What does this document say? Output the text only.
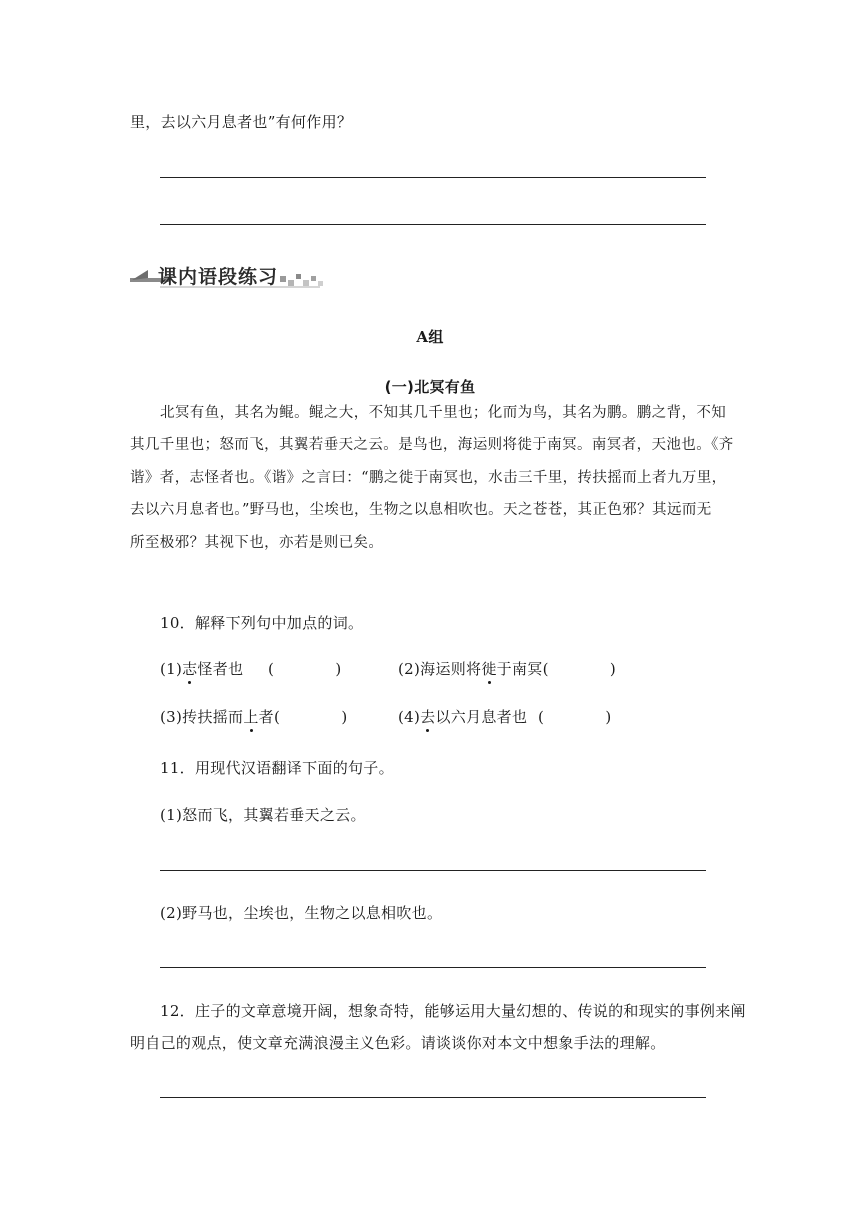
里，去以六月息者也”有何作用？
课内语段练习
A组
(一)北冥有鱼
北冥有鱼，其名为鲲。鲲之大，不知其几千里也；化而为鸟，其名为鹏。鹏之背，不知
其几千里也；怒而飞，其翼若垂天之云。是鸟也，海运则将徙于南冥。南冥者，天池也。《齐
谐》者，志怪者也。《谐》之言曰：“鹏之徙于南冥也，水击三千里，抟扶摇而上者九万里，
去以六月息者也。”野马也，尘埃也，生物之以息相吹也。天之苍苍，其正色邪？其远而无
所至极邪？其视下也，亦若是则已矣。
10．解释下列句中加点的词。
(1)志怪者也 (　　　　)	(2)海运则将徙于南冥(　　　　)
(3)抟扶摇而上者(　　　　)	(4)去以六月息者也 (　　　　)
11．用现代汉语翻译下面的句子。
(1)怒而飞，其翼若垂天之云。
(2)野马也，尘埃也，生物之以息相吹也。
12．庄子的文章意境开阔，想象奇特，能够运用大量幻想的、传说的和现实的事例来阐
明自己的观点，使文章充满浪漫主义色彩。请谈谈你对本文中想象手法的理解。
